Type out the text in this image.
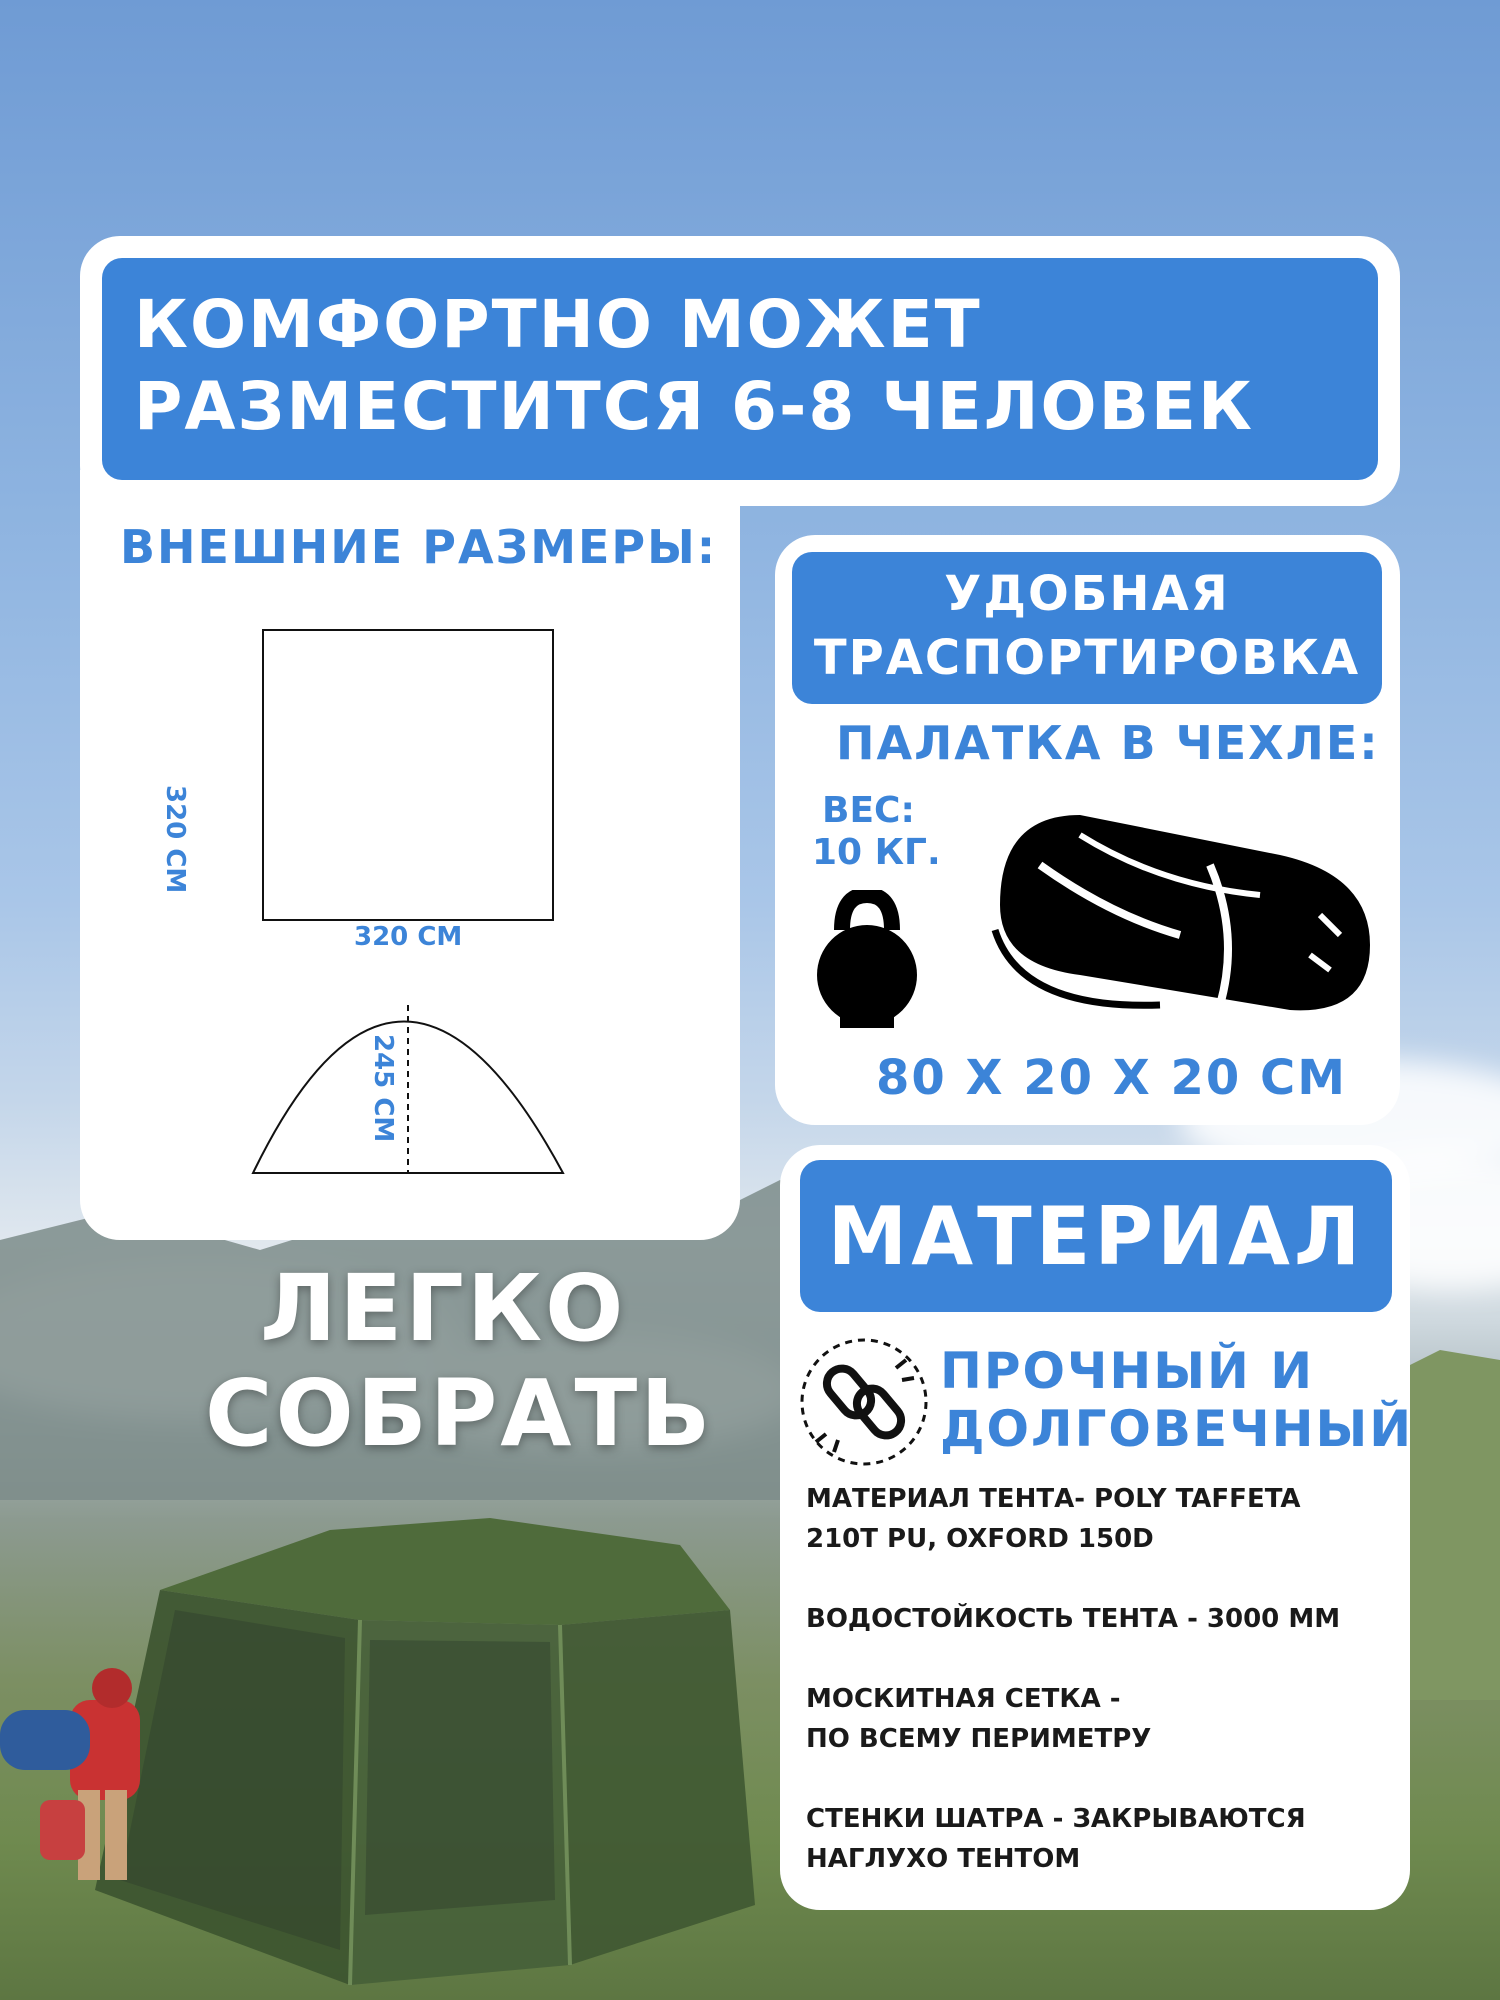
КОМФОРТНО МОЖЕТ
РАЗМЕСТИТСЯ 6-8 ЧЕЛОВЕК
ВНЕШНИЕ РАЗМЕРЫ:
320 СМ
320 СМ
245 СМ
УДОБНАЯ
ТРАСПОРТИРОВКА
ПАЛАТКА В ЧЕХЛЕ:
ВЕС:
10 КГ.
80 Х 20 Х 20 СМ
ЛЕГКО
СОБРАТЬ
МАТЕРИАЛ
ПРОЧНЫЙ И
ДОЛГОВЕЧНЫЙ
МАТЕРИАЛ ТЕНТА- POLY TAFFETA
210T PU, OXFORD 150D
ВОДОСТОЙКОСТЬ ТЕНТА - 3000 ММ
МОСКИТНАЯ СЕТКА -
ПО ВСЕМУ ПЕРИМЕТРУ
СТЕНКИ ШАТРА - ЗАКРЫВАЮТСЯ
НАГЛУХО ТЕНТОМ
